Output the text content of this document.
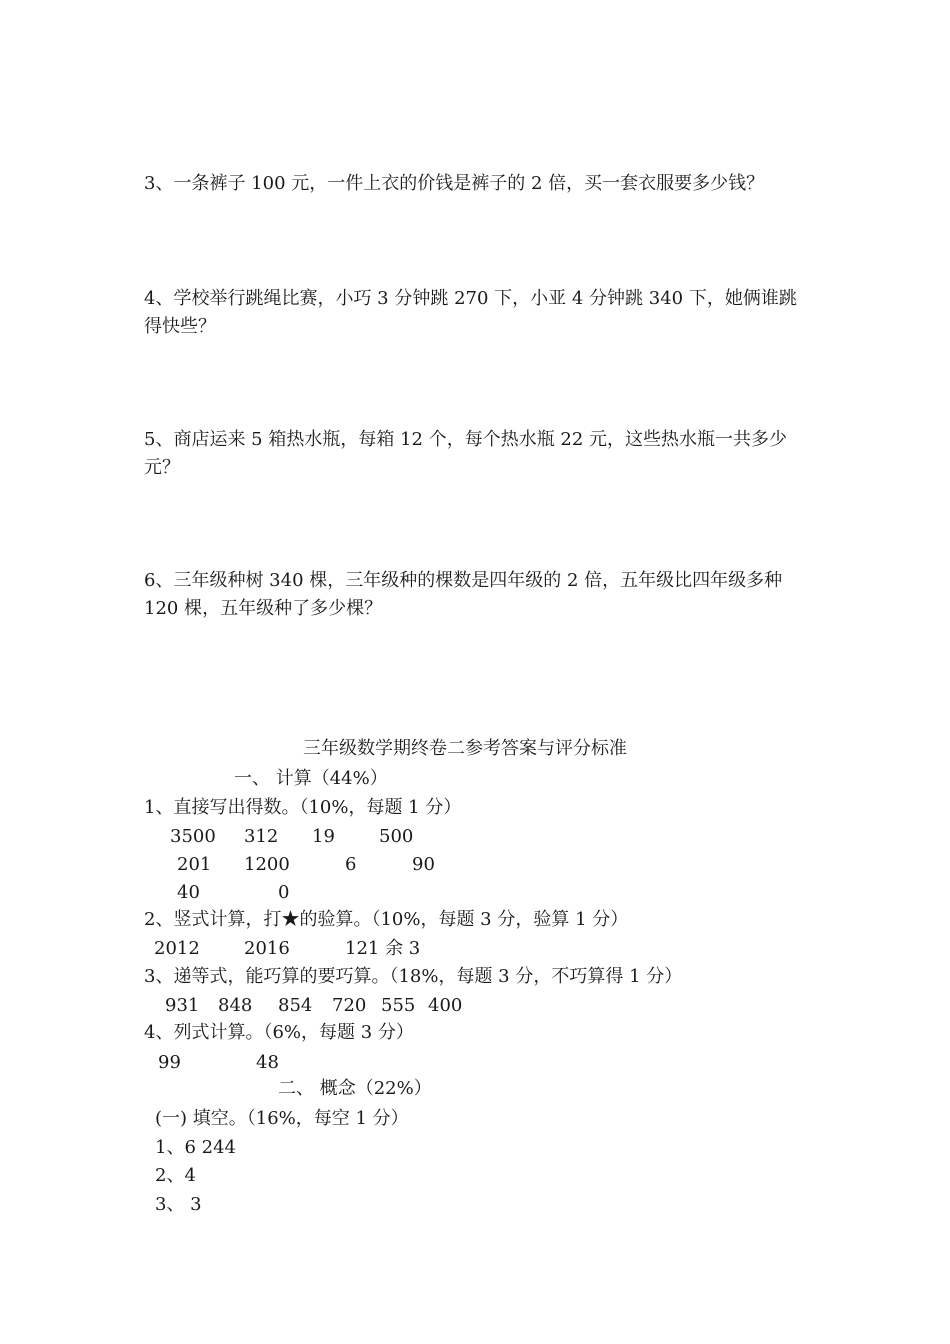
3、一条裤子 100 元，一件上衣的价钱是裤子的 2 倍，买一套衣服要多少钱？
4、学校举行跳绳比赛，小巧 3 分钟跳 270 下，小亚 4 分钟跳 340 下，她俩谁跳
得快些？
5、商店运来 5 箱热水瓶，每箱 12 个，每个热水瓶 22 元，这些热水瓶一共多少
元？
6、三年级种树 340 棵，三年级种的棵数是四年级的 2 倍，五年级比四年级多种
120 棵，五年级种了多少棵？
三年级数学期终卷二参考答案与评分标准
一、 计算（44%）
1、直接写出得数。（10%，每题 1 分）
3500 312 19 500
201 1200	6	90
40	0
2、竖式计算，打★的验算。（10%，每题 3 分，验算 1 分）
2012 2016	121 余 3
3、递等式，能巧算的要巧算。（18%，每题 3 分，不巧算得 1 分）
931 848 854 720 555 400
4、列式计算。（6%，每题 3 分）
99	48
二、 概念（22%）
(一) 填空。（16%，每空 1 分）
1、6 244
2、4
3、 3
